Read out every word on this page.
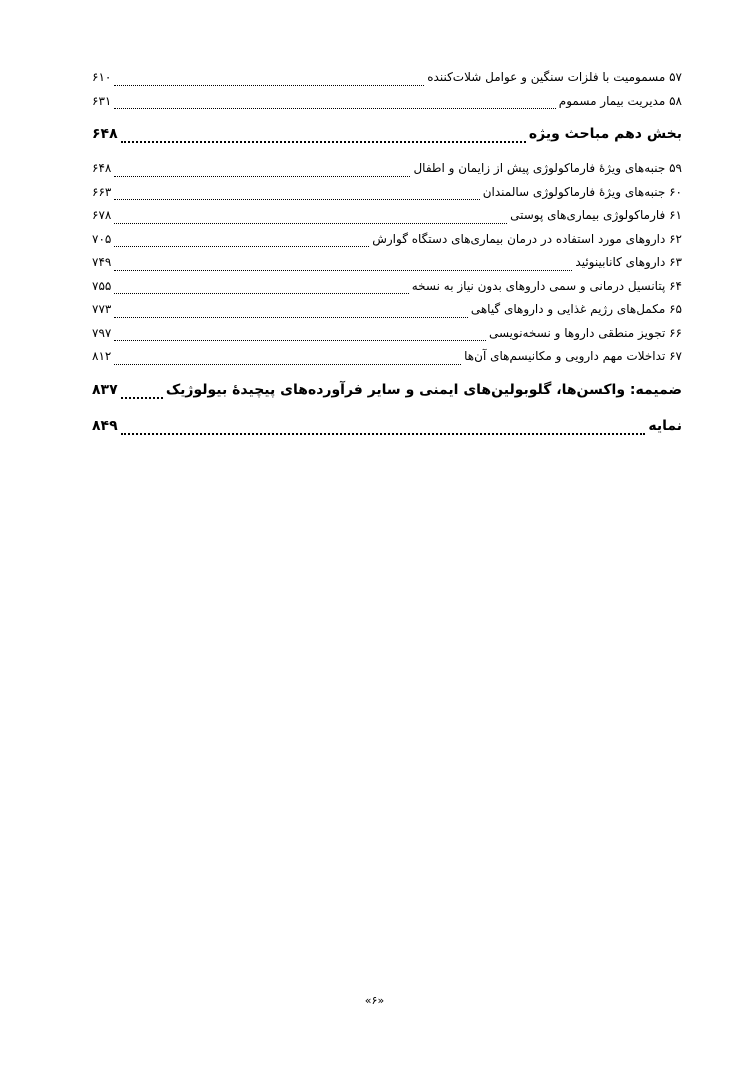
۵۷ مسمومیت با فلزات سنگین و عوامل شلات‌کننده
۶۱۰
۵۸ مدیریت بیمار مسموم
۶۳۱
بخش دهم مباحث ویژه
۶۴۸
۵۹ جنبه‌های ویژهٔ فارماکولوژی پیش از زایمان و اطفال
۶۴۸
۶۰ جنبه‌های ویژهٔ فارماکولوژی سالمندان
۶۶۳
۶۱ فارماکولوژی بیماری‌های پوستی
۶۷۸
۶۲ داروهای مورد استفاده در درمان بیماری‌های دستگاه گوارش
۷۰۵
۶۳ داروهای کانابینوئید
۷۴۹
۶۴ پتانسیل درمانی و سمی داروهای بدون نیاز به نسخه
۷۵۵
۶۵ مکمل‌های رژیم غذایی و داروهای گیاهی
۷۷۳
۶۶ تجویز منطقی داروها و نسخه‌نویسی
۷۹۷
۶۷ تداخلات مهم دارویی و مکانیسم‌های آن‌ها
۸۱۲
ضمیمه: واکسن‌ها، گلوبولین‌های ایمنی و سایر فرآورده‌های پیچیدهٔ بیولوژیک
۸۳۷
نمایه
۸۴۹
«۶»
